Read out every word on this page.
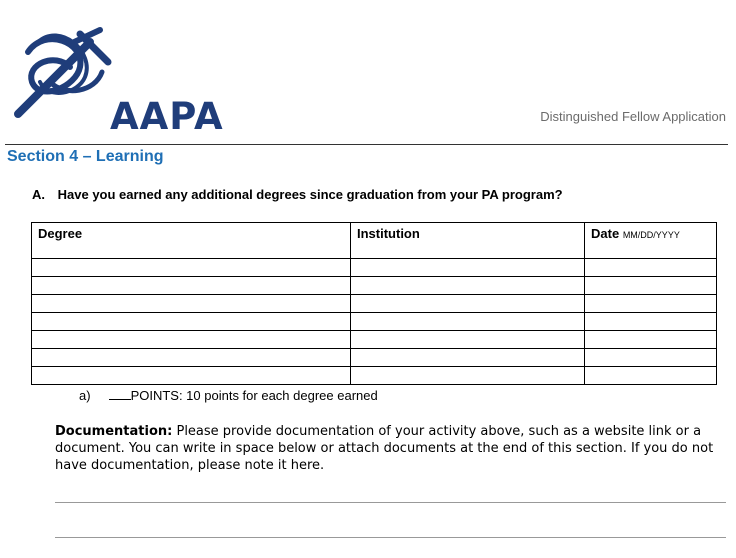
AAPA	Distinguished Fellow Application
Section 4 – Learning
A. Have you earned any additional degrees since graduation from your PA program?
Degree	Institution	Date MM/DD/YYYY

a)	POINTS: 10 points for each degree earned
Documentation: Please provide documentation of your activity above, such as a website link or a document. You can write in space below or attach documents at the end of this section. If you do not have documentation, please note it here.
